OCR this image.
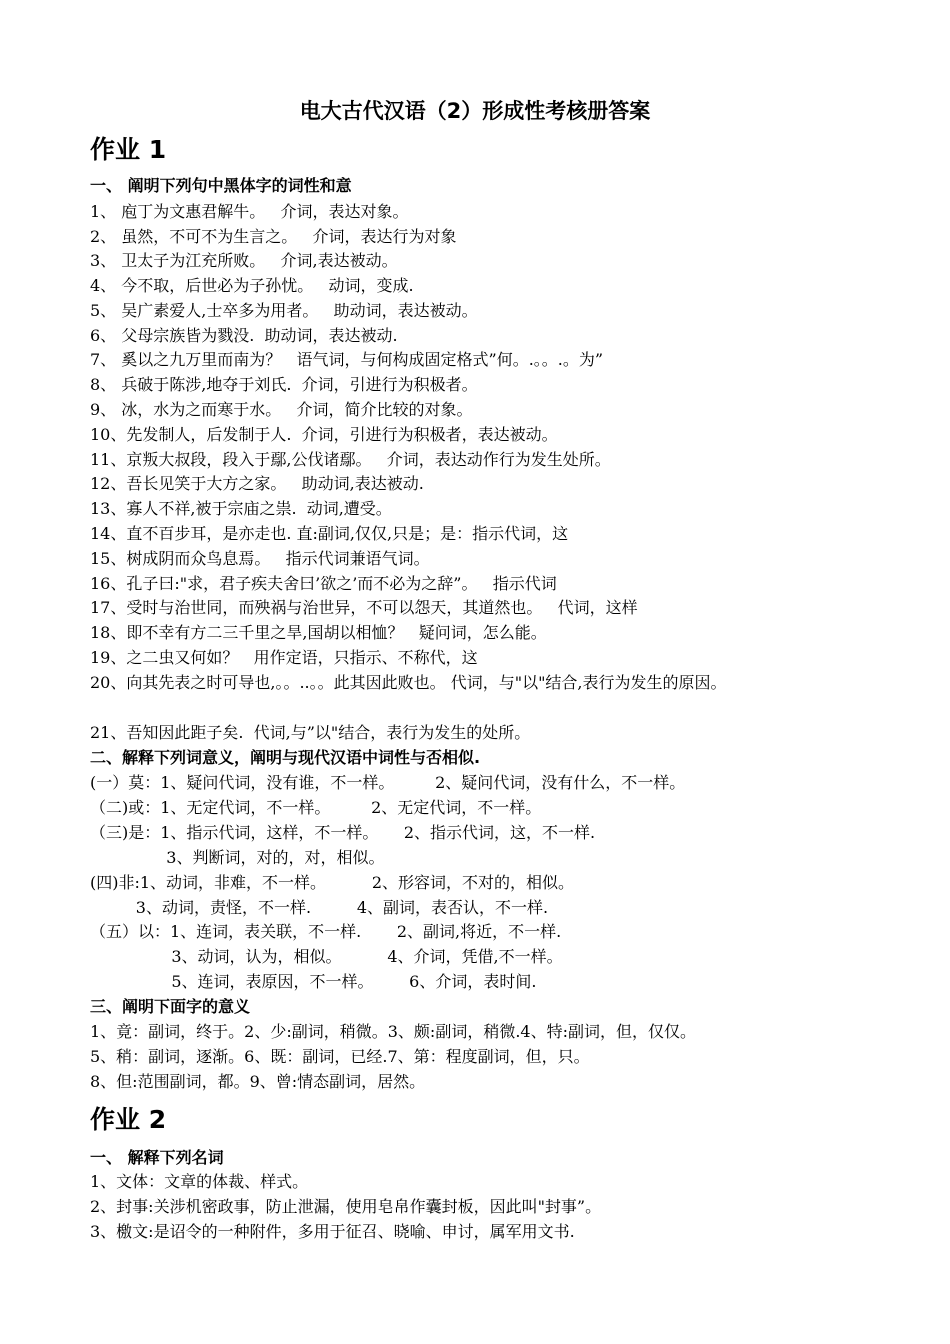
电大古代汉语（2）形成性考核册答案
作业 1
一、 阐明下列句中黑体字的词性和意
1、 庖丁为文惠君解牛。   介词，表达对象。
2、 虽然，不可不为生言之。   介词，表达行为对象
3、 卫太子为江充所败。   介词,表达被动。
4、 今不取，后世必为子孙忧。   动词，变成.
5、 吴广素爱人,士卒多为用者。   助动词，表达被动。
6、 父母宗族皆为戮没.  助动词，表达被动.
7、 奚以之九万里而南为？   语气词，与何构成固定格式”何。.。。.。为”
8、 兵破于陈涉,地夺于刘氏.  介词，引进行为积极者。
9、 冰，水为之而寒于水。   介词，简介比较的对象。
10、先发制人，后发制于人.  介词，引进行为积极者，表达被动。
11、京叛大叔段，段入于鄢,公伐诸鄢。   介词，表达动作行为发生处所。
12、吾长见笑于大方之家。   助动词,表达被动.
13、寡人不祥,被于宗庙之祟.  动词,遭受。
14、直不百步耳，是亦走也. 直:副词,仅仅,只是；是：指示代词，这
15、树成阴而众鸟息焉。   指示代词兼语气词。
16、孔子曰:"求，君子疾夫舍曰’欲之’而不必为之辞”。   指示代词
17、受时与治世同，而殃祸与治世异，不可以怨天，其道然也。   代词，这样
18、即不幸有方二三千里之旱,国胡以相恤？   疑问词，怎么能。
19、之二虫又何如？   用作定语，只指示、不称代，这
20、向其先表之时可导也,。。..。。此其因此败也。 代词，与"以"结合,表行为发生的原因。
21、吾知因此距子矣.  代词,与”以"结合，表行为发生的处所。
二、解释下列词意义，阐明与现代汉语中词性与否相似.
(一）莫：1、疑问代词，没有谁，不一样。        2、疑问代词，没有什么，不一样。
（二)或：1、无定代词，不一样。        2、无定代词，不一样。
（三)是：1、指示代词，这样，不一样。     2、指示代词，这，不一样.
3、判断词，对的，对，相似。
(四)非:1、动词，非难，不一样。         2、形容词，不对的，相似。
3、动词，责怪，不一样.         4、副词，表否认，不一样.
（五）以：1、连词，表关联，不一样.       2、副词,将近，不一样.
3、动词，认为，相似。         4、介词，凭借,不一样。
5、连词，表原因，不一样。       6、介词，表时间.
三、阐明下面字的意义
1、竟：副词，终于。2、少:副词，稍微。3、颇:副词，稍微.4、特:副词，但，仅仅。
5、稍：副词，逐渐。6、既：副词，已经.7、第：程度副词，但，只。
8、但:范围副词，都。9、曾:情态副词，居然。
作业 2
一、 解释下列名词
1、文体：文章的体裁、样式。
2、封事:关涉机密政事，防止泄漏，使用皂帛作囊封板，因此叫"封事”。
3、檄文:是诏令的一种附件，多用于征召、晓喻、申讨，属军用文书.
